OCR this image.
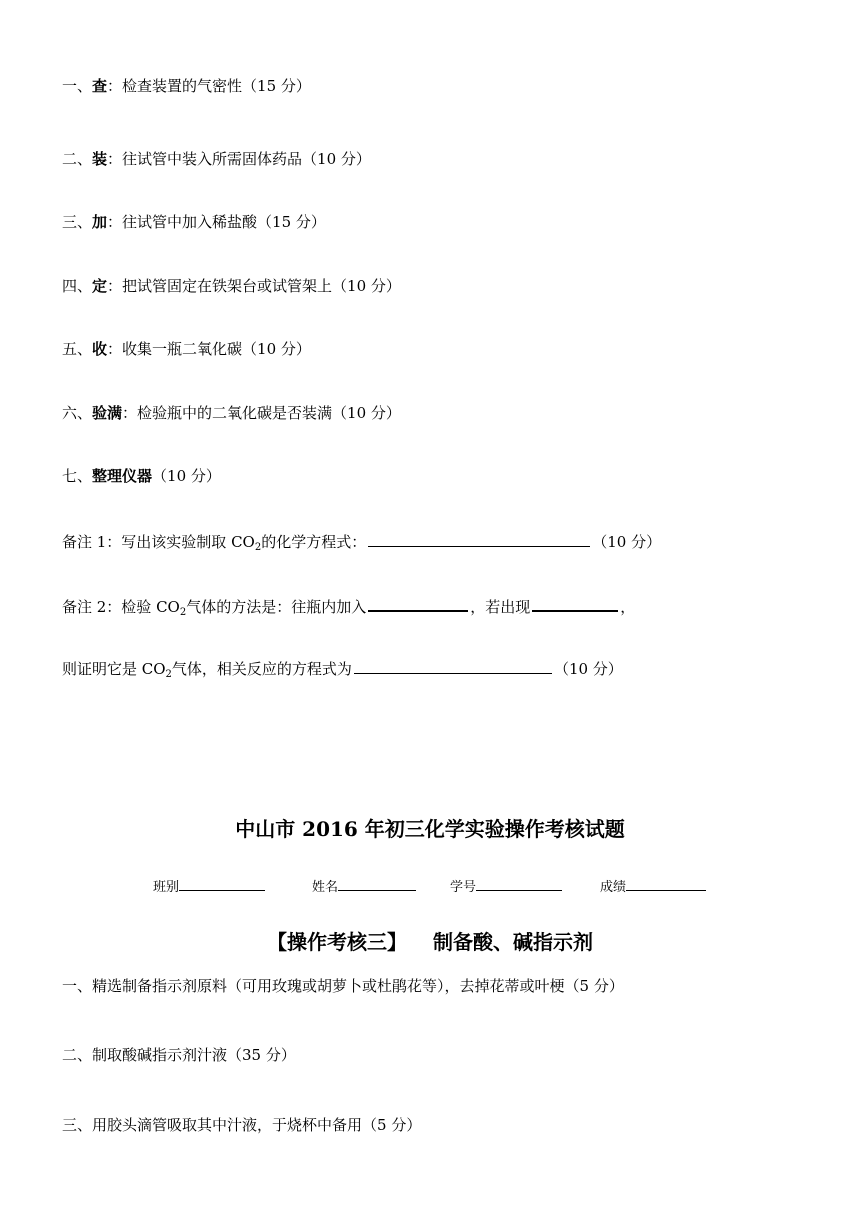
一、查：检查装置的气密性（15 分）
二、装：往试管中装入所需固体药品（10 分）
三、加：往试管中加入稀盐酸（15 分）
四、定：把试管固定在铁架台或试管架上（10 分）
五、收：收集一瓶二氧化碳（10 分）
六、验满：检验瓶中的二氧化碳是否装满（10 分）
七、整理仪器（10 分）
备注 1：写出该实验制取 $CO_2$的化学方程式：	（10 分）
备注 2：检验 $CO_2$气体的方法是：往瓶内加入	，若出现	，
则证明它是 $CO_2$气体，相关反应的方程式为	（10 分）
中山市 2016 年初三化学实验操作考核试题
班别	姓名	学号	成绩
【操作考核三】 制备酸、碱指示剂
一、精选制备指示剂原料（可用玫瑰或胡萝卜或杜鹃花等），去掉花蒂或叶梗（5 分）
二、制取酸碱指示剂汁液（35 分）
三、用胶头滴管吸取其中汁液，于烧杯中备用（5 分）
